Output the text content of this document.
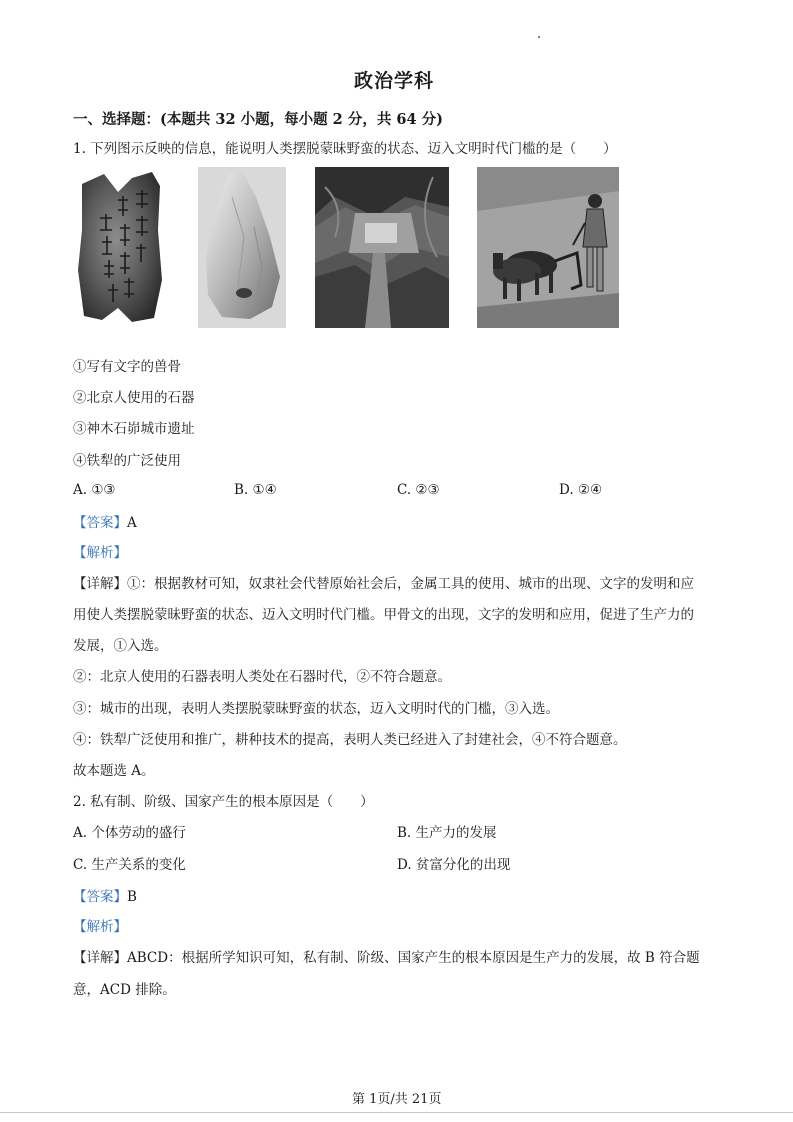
政治学科
一、选择题：(本题共 32 小题，每小题 2 分，共 64 分)
1. 下列图示反映的信息，能说明人类摆脱蒙昧野蛮的状态、迈入文明时代门槛的是（　　）
①写有文字的兽骨
②北京人使用的石器
③神木石峁城市遗址
④铁犁的广泛使用
A. ①③	B. ①④	C. ②③	D. ②④
【答案】A
【解析】
【详解】①：根据教材可知，奴隶社会代替原始社会后，金属工具的使用、城市的出现、文字的发明和应
用使人类摆脱蒙昧野蛮的状态、迈入文明时代门槛。甲骨文的出现，文字的发明和应用，促进了生产力的
发展，①入选。
②：北京人使用的石器表明人类处在石器时代，②不符合题意。
③：城市的出现，表明人类摆脱蒙昧野蛮的状态，迈入文明时代的门槛，③入选。
④：铁犁广泛使用和推广，耕种技术的提高，表明人类已经进入了封建社会，④不符合题意。
故本题选 A。
2. 私有制、阶级、国家产生的根本原因是（　　）
A. 个体劳动的盛行	B. 生产力的发展
C. 生产关系的变化	D. 贫富分化的出现
【答案】B
【解析】
【详解】ABCD：根据所学知识可知，私有制、阶级、国家产生的根本原因是生产力的发展，故 B 符合题
意，ACD 排除。
第 1页/共 21页
